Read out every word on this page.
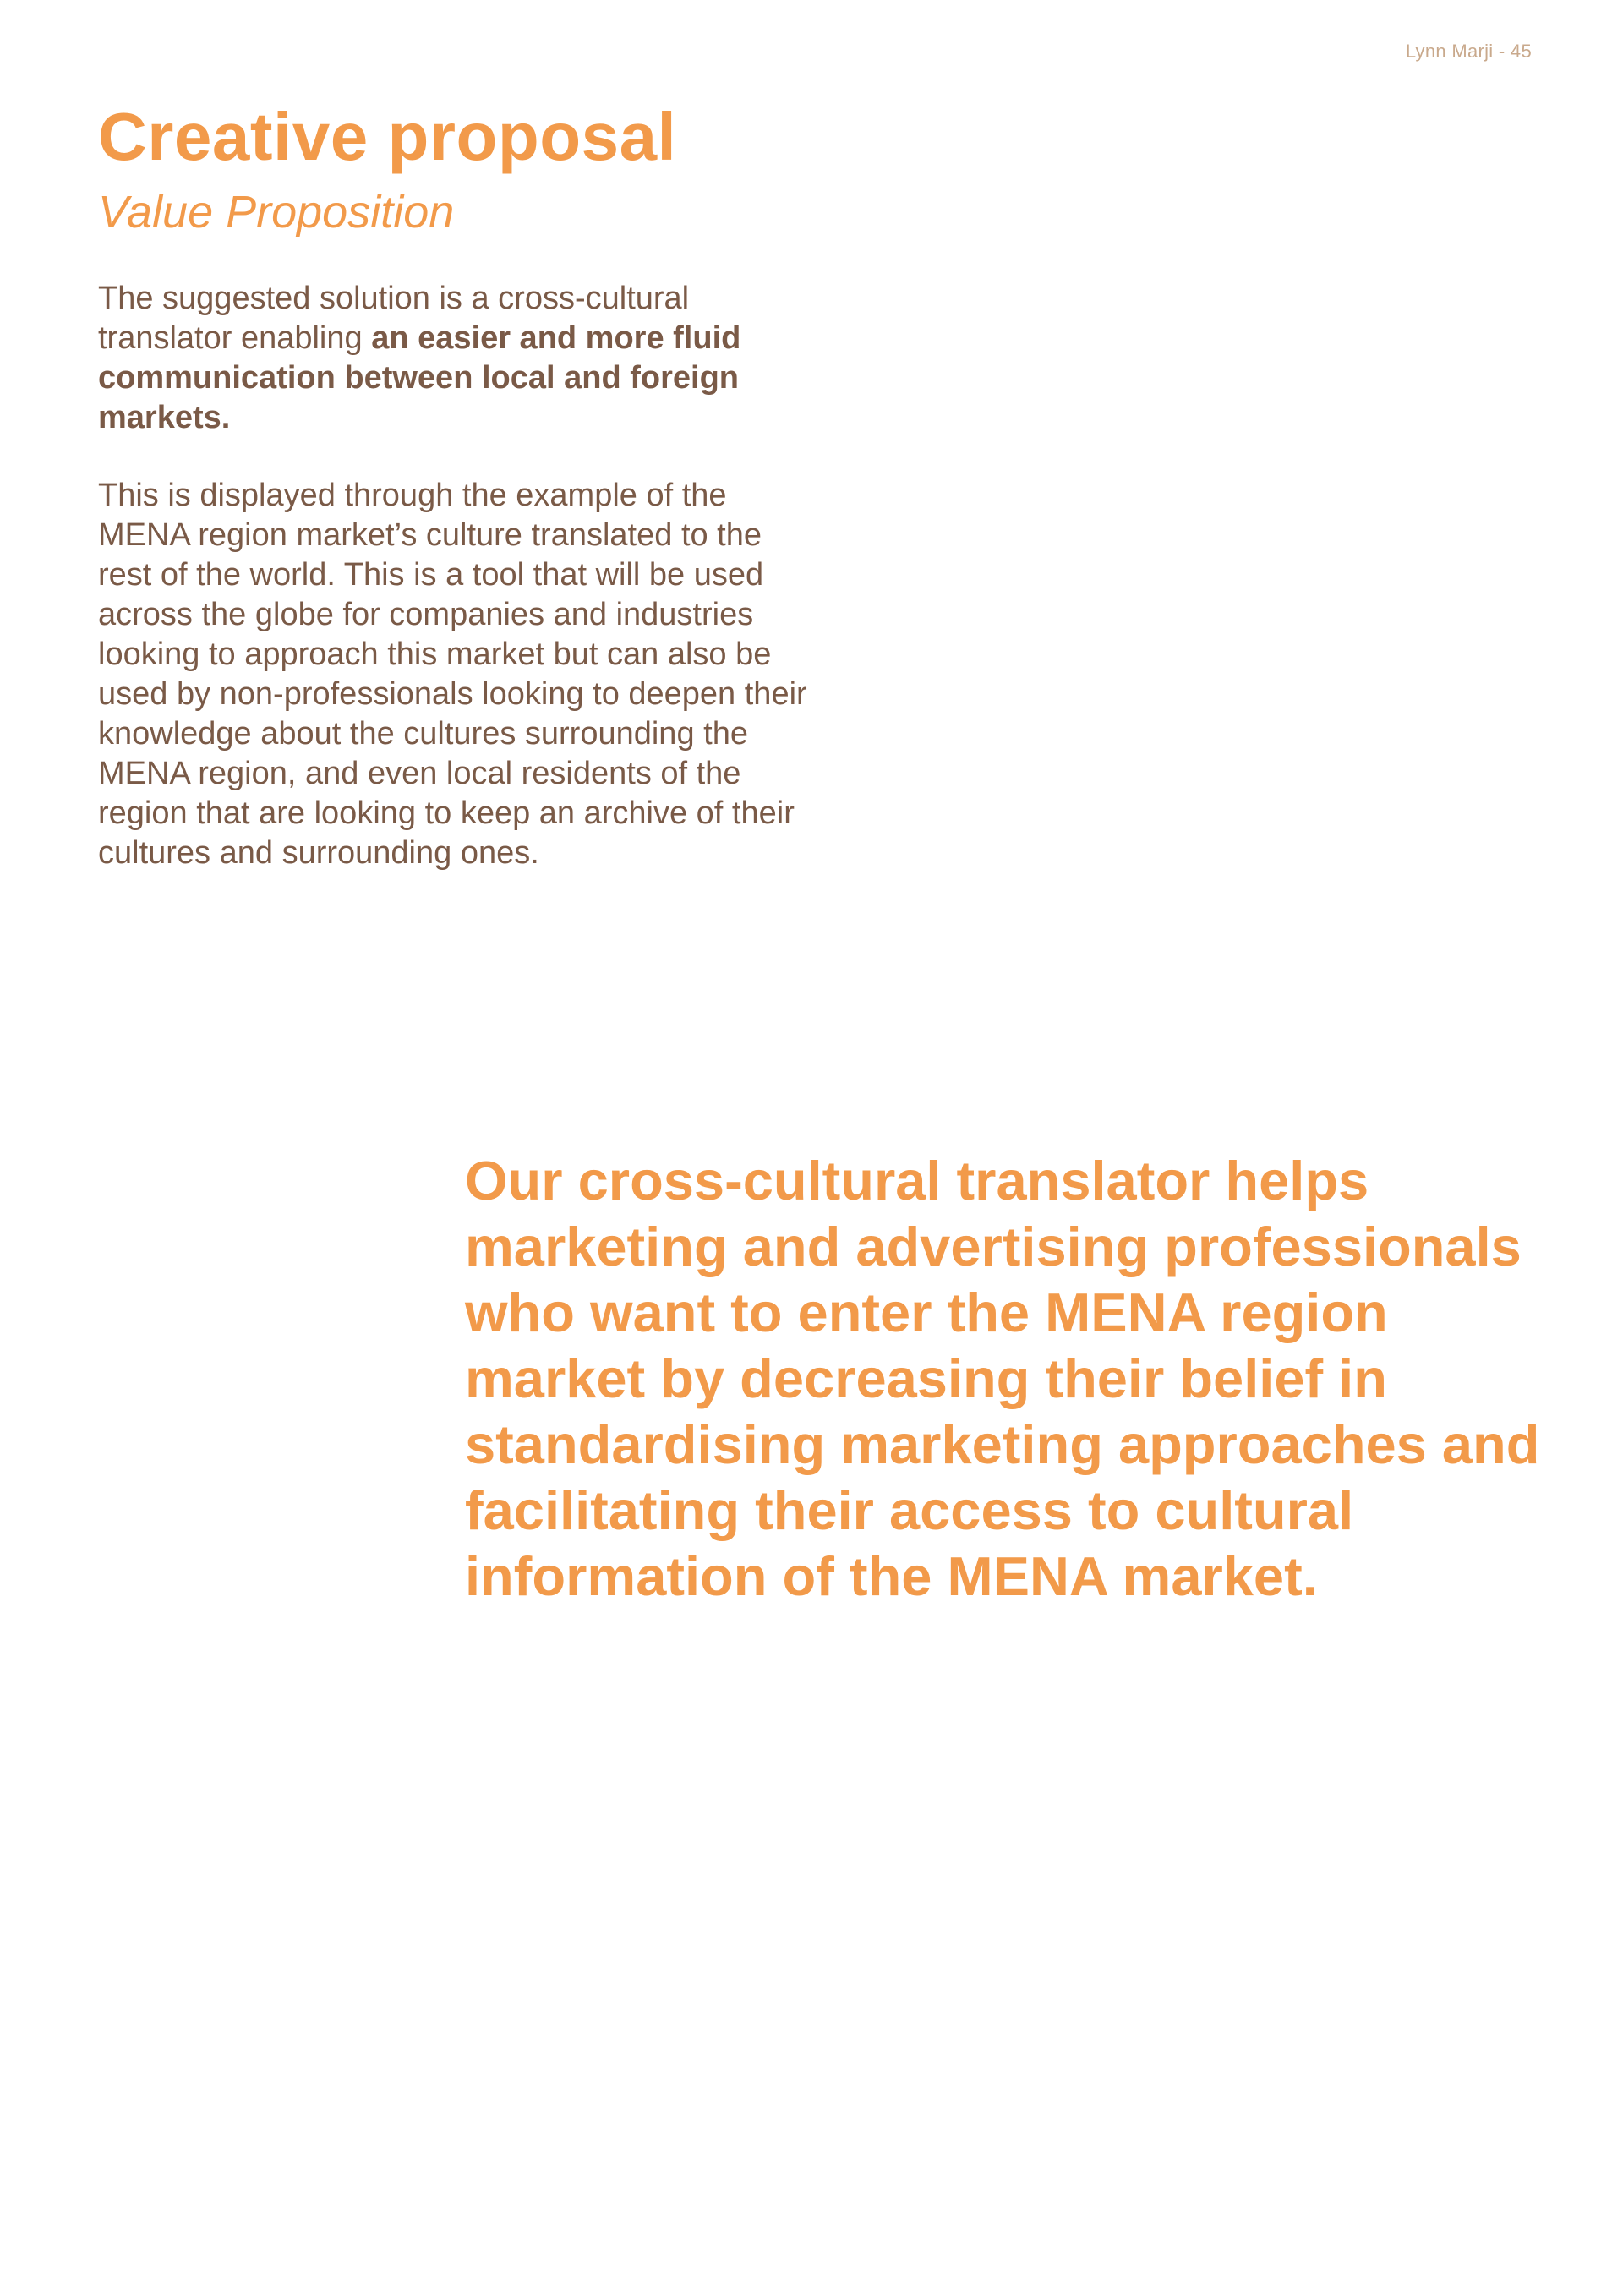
Lynn Marji - 45
Creative proposal
Value Proposition

The suggested solution is a cross-cultural translator enabling an easier and more fluid communication between local and foreign markets.

This is displayed through the example of the MENA region market’s culture translated to the rest of the world. This is a tool that will be used across the globe for companies and industries looking to approach this market but can also be used by non-professionals looking to deepen their knowledge about the cultures surrounding the MENA region, and even local residents of the region that are looking to keep an archive of their cultures and surrounding ones.

Our cross-cultural translator helps marketing and advertising professionals who want to enter the MENA region market by decreasing their belief in standardising marketing approaches and facilitating their access to cultural information of the MENA market.
